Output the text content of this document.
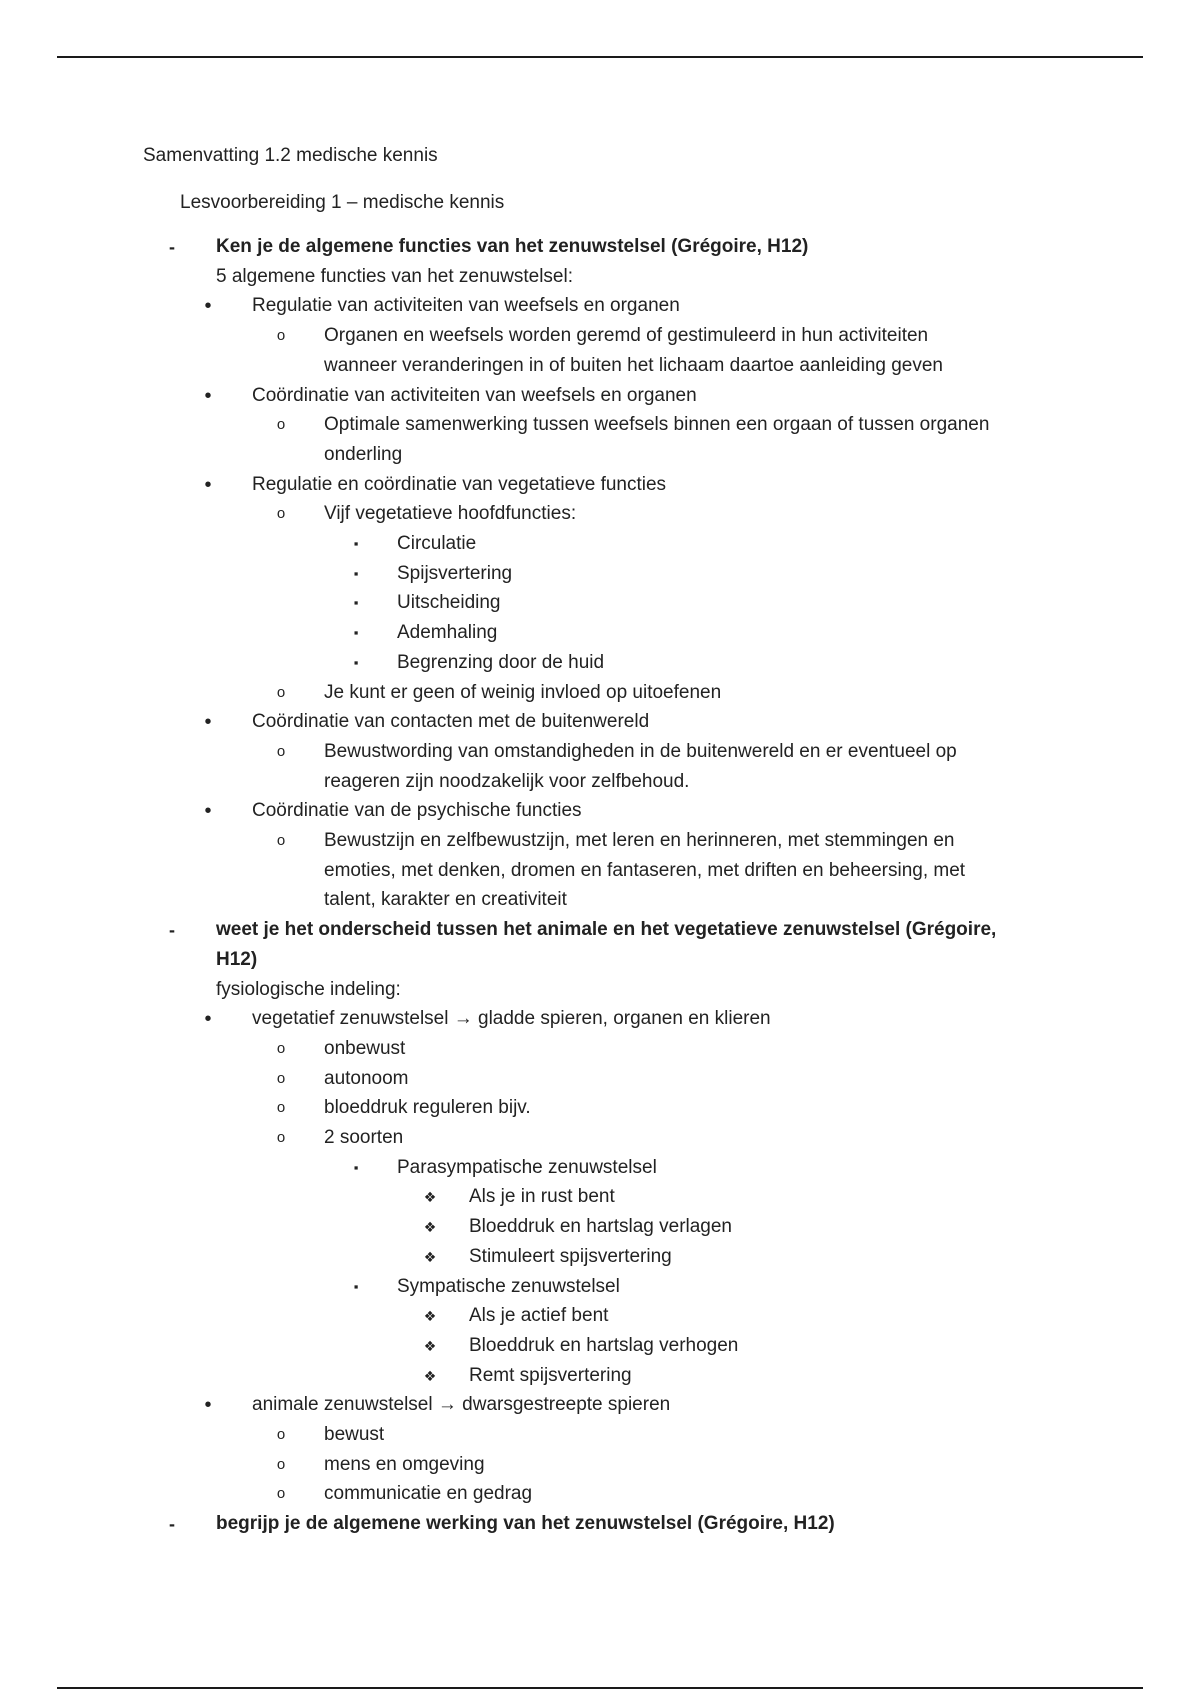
Samenvatting 1.2 medische kennis
Lesvoorbereiding 1 – medische kennis
-	Ken je de algemene functies van het zenuwstelsel (Grégoire, H12)
5 algemene functies van het zenuwstelsel:
•	Regulatie van activiteiten van weefsels en organen
o	Organen en weefsels worden geremd of gestimuleerd in hun activiteiten
wanneer veranderingen in of buiten het lichaam daartoe aanleiding geven
•	Coördinatie van activiteiten van weefsels en organen
o	Optimale samenwerking tussen weefsels binnen een orgaan of tussen organen
onderling
•	Regulatie en coördinatie van vegetatieve functies
o	Vijf vegetatieve hoofdfuncties:
▪	Circulatie
▪	Spijsvertering
▪	Uitscheiding
▪	Ademhaling
▪	Begrenzing door de huid
o	Je kunt er geen of weinig invloed op uitoefenen
•	Coördinatie van contacten met de buitenwereld
o	Bewustwording van omstandigheden in de buitenwereld en er eventueel op
reageren zijn noodzakelijk voor zelfbehoud.
•	Coördinatie van de psychische functies
o	Bewustzijn en zelfbewustzijn, met leren en herinneren, met stemmingen en
emoties, met denken, dromen en fantaseren, met driften en beheersing, met
talent, karakter en creativiteit
-	weet je het onderscheid tussen het animale en het vegetatieve zenuwstelsel (Grégoire,
H12)
fysiologische indeling:
•	vegetatief zenuwstelsel → gladde spieren, organen en klieren
o	onbewust
o	autonoom
o	bloeddruk reguleren bijv.
o	2 soorten
▪	Parasympatische zenuwstelsel
❖	Als je in rust bent
❖	Bloeddruk en hartslag verlagen
❖	Stimuleert spijsvertering
▪	Sympatische zenuwstelsel
❖	Als je actief bent
❖	Bloeddruk en hartslag verhogen
❖	Remt spijsvertering
•	animale zenuwstelsel → dwarsgestreepte spieren
o	bewust
o	mens en omgeving
o	communicatie en gedrag
-	begrijp je de algemene werking van het zenuwstelsel (Grégoire, H12)
